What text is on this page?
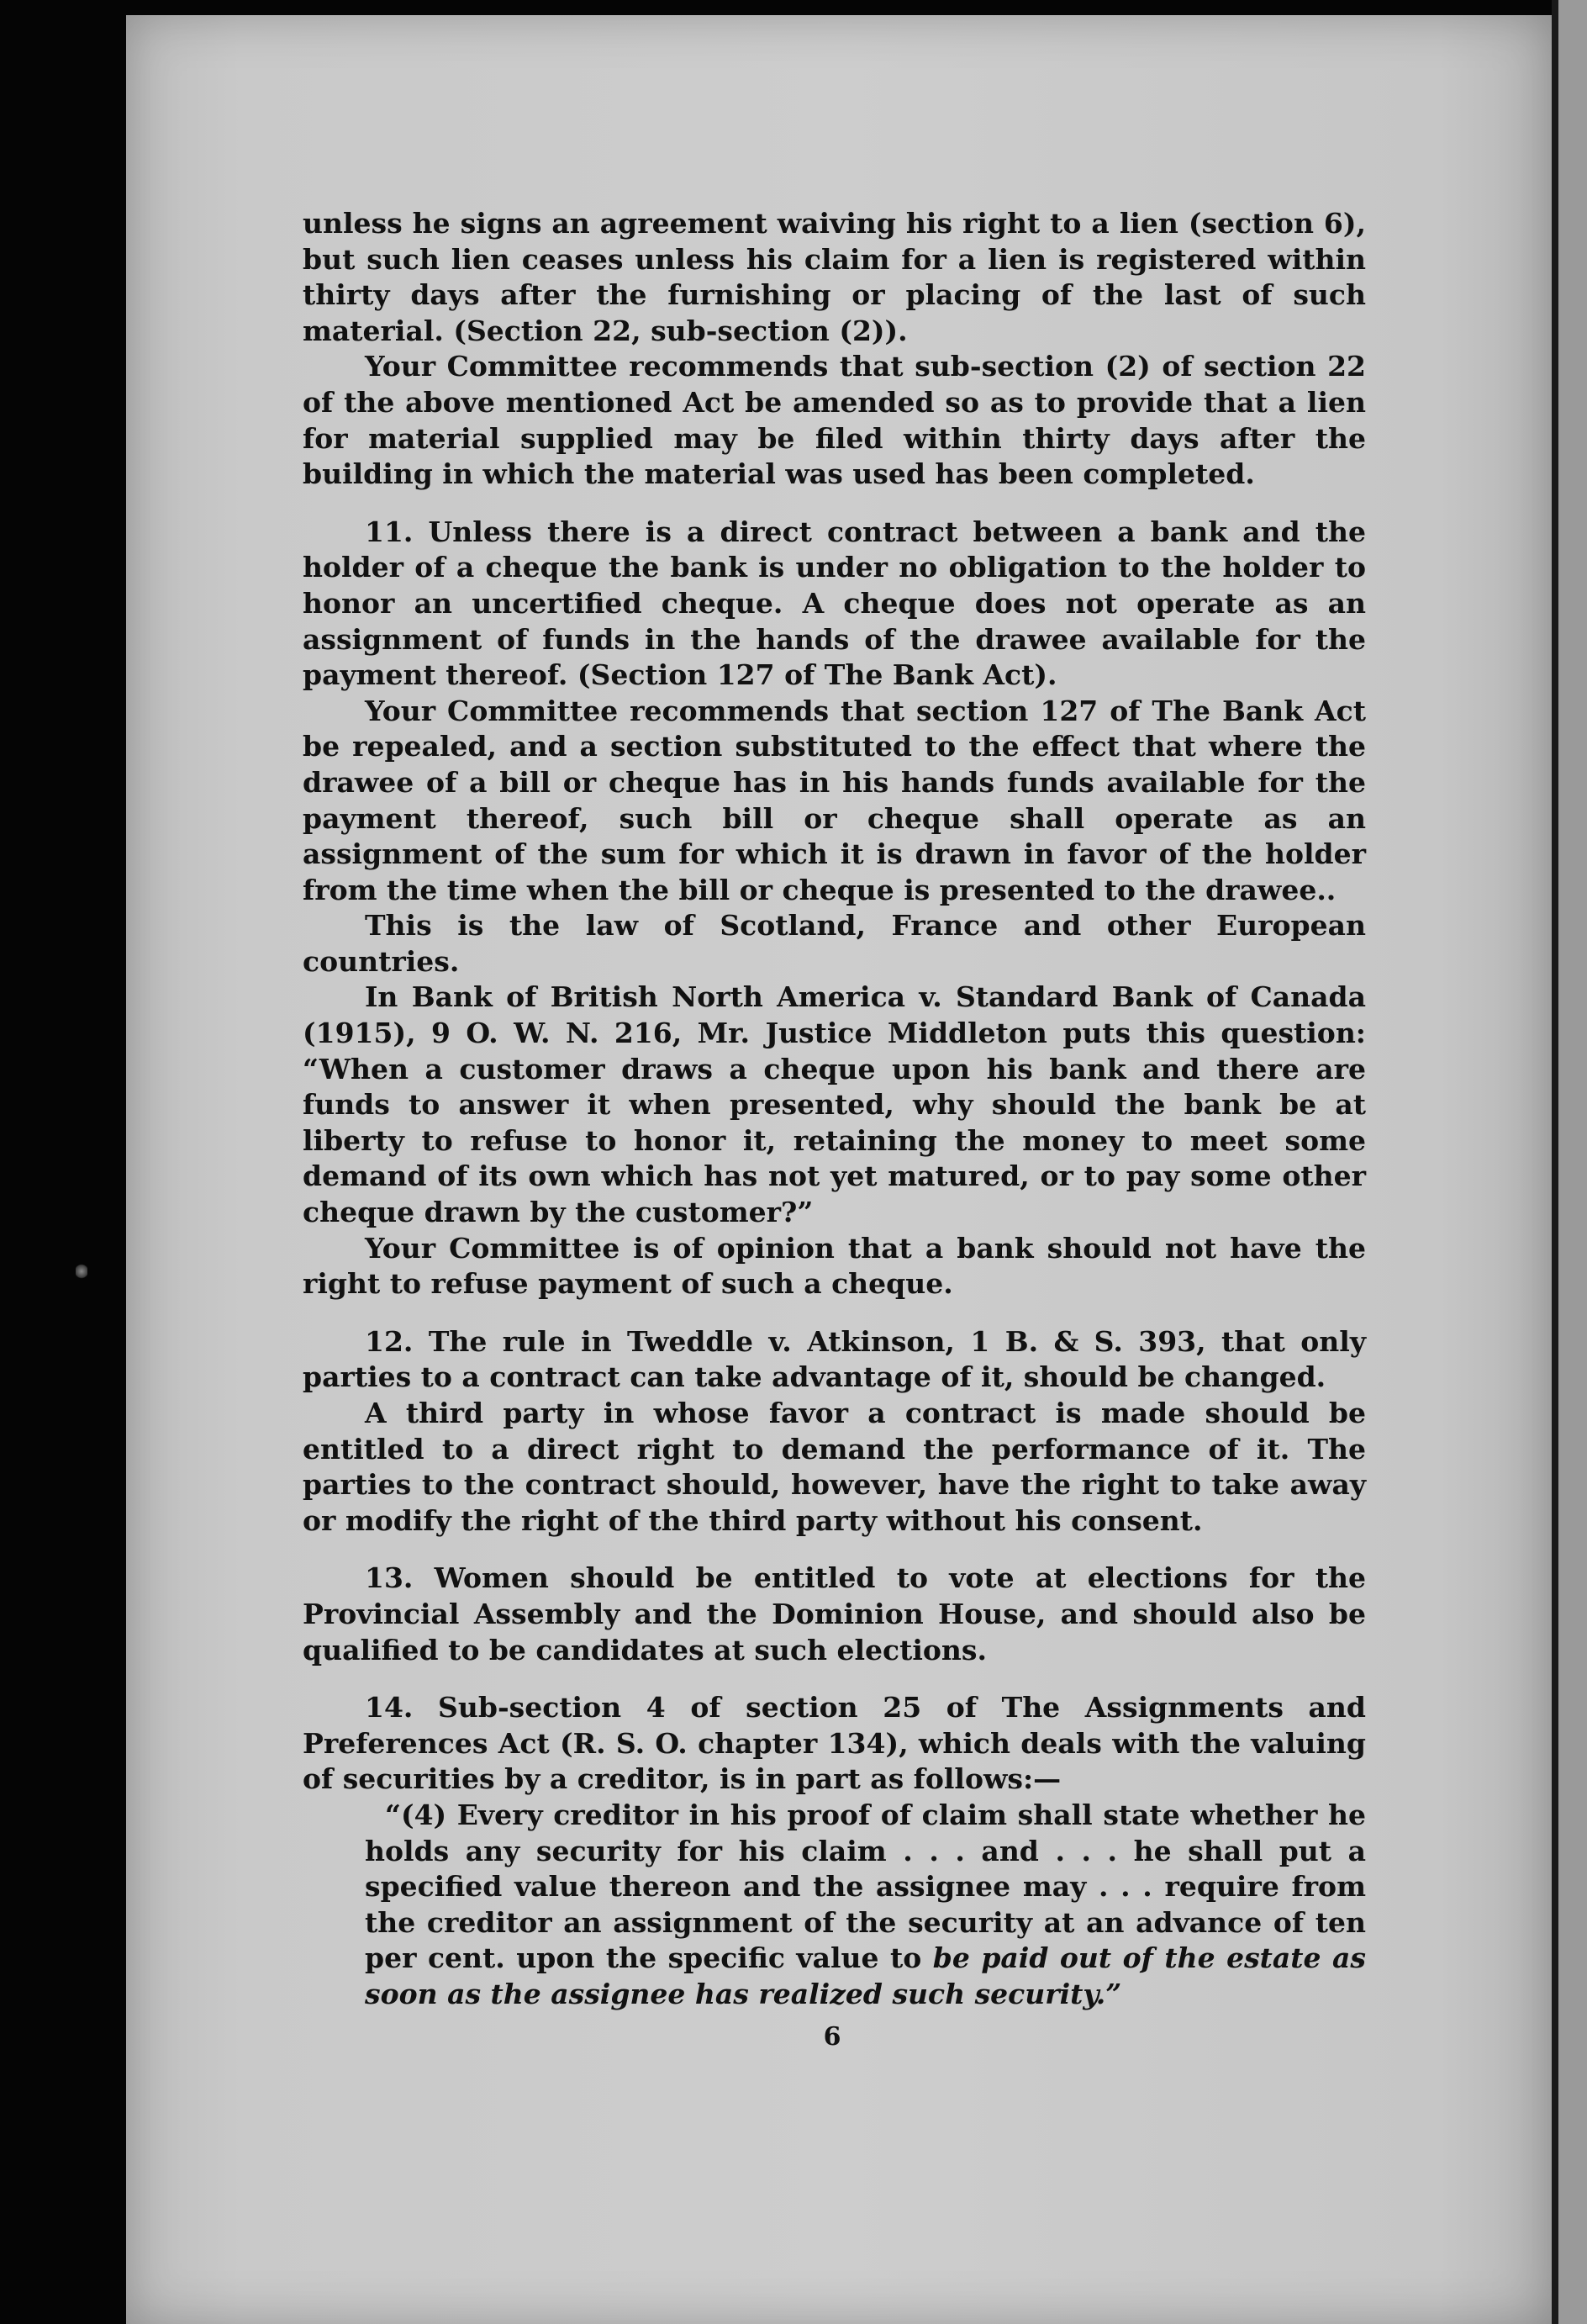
unless he signs an agreement waiving his right to a lien (section 6), but such lien ceases unless his claim for a lien is registered within thirty days after the furnishing or placing of the last of such material. (Section 22, sub-section (2)).

Your Committee recommends that sub-section (2) of section 22 of the above mentioned Act be amended so as to provide that a lien for material supplied may be filed within thirty days after the building in which the material was used has been completed.

11. Unless there is a direct contract between a bank and the holder of a cheque the bank is under no obligation to the holder to honor an uncertified cheque. A cheque does not operate as an assignment of funds in the hands of the drawee available for the payment thereof. (Section 127 of The Bank Act).

Your Committee recommends that section 127 of The Bank Act be repealed, and a section substituted to the effect that where the drawee of a bill or cheque has in his hands funds available for the payment thereof, such bill or cheque shall operate as an assignment of the sum for which it is drawn in favor of the holder from the time when the bill or cheque is presented to the drawee..

This is the law of Scotland, France and other European countries.

In Bank of British North America v. Standard Bank of Canada (1915), 9 O. W. N. 216, Mr. Justice Middleton puts this question: “When a customer draws a cheque upon his bank and there are funds to answer it when presented, why should the bank be at liberty to refuse to honor it, retaining the money to meet some demand of its own which has not yet matured, or to pay some other cheque drawn by the customer?”

Your Committee is of opinion that a bank should not have the right to refuse payment of such a cheque.

12. The rule in Tweddle v. Atkinson, 1 B. & S. 393, that only parties to a contract can take advantage of it, should be changed.

A third party in whose favor a contract is made should be entitled to a direct right to demand the performance of it. The parties to the contract should, however, have the right to take away or modify the right of the third party without his consent.

13. Women should be entitled to vote at elections for the Provincial Assembly and the Dominion House, and should also be qualified to be candidates at such elections.

14. Sub-section 4 of section 25 of The Assignments and Preferences Act (R. S. O. chapter 134), which deals with the valuing of securities by a creditor, is in part as follows:—

“(4) Every creditor in his proof of claim shall state whether he holds any security for his claim . . . and . . . he shall put a specified value thereon and the assignee may . . . require from the creditor an assignment of the security at an advance of ten per cent. upon the specific value to be paid out of the estate as soon as the assignee has realized such security.”

6
